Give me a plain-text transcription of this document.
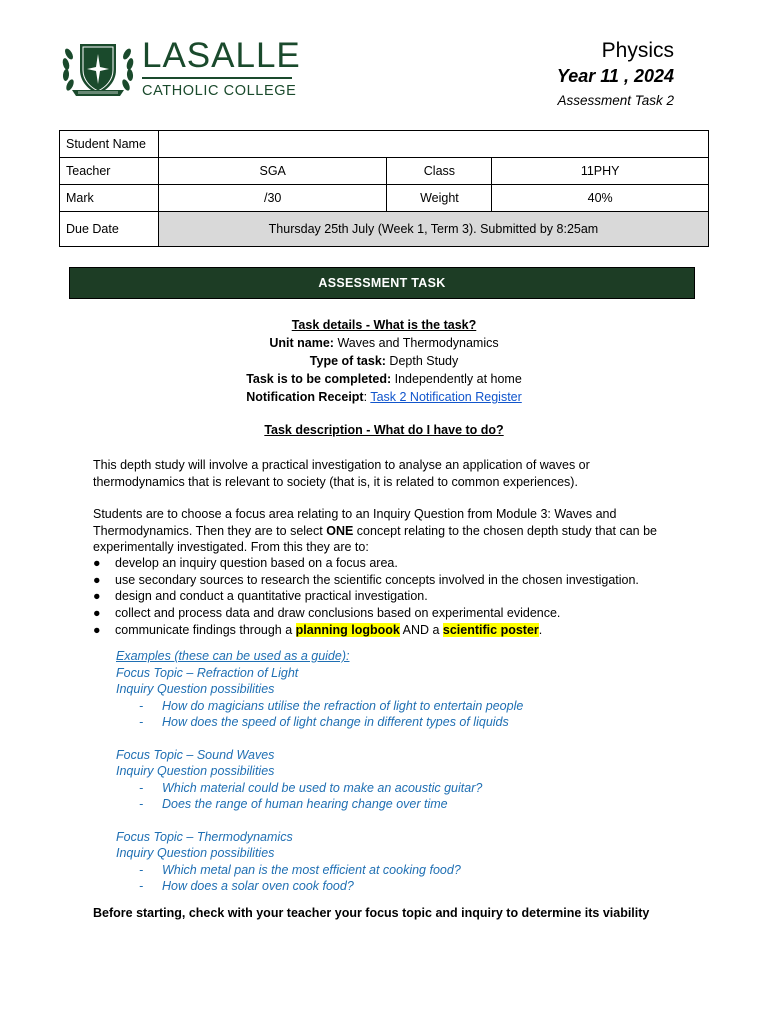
LASALLE
CATHOLIC COLLEGE
Physics
Year 11 , 2024
Assessment Task 2
Student Name			
Teacher	SGA	Class	11PHY
Mark	/30	Weight	40%
Due Date	Thursday 25th July (Week 1, Term 3). Submitted by 8:25am		
ASSESSMENT TASK
Task details - What is the task?
Unit name: Waves and Thermodynamics
Type of task: Depth Study
Task is to be completed: Independently at home
Notification Receipt: Task 2 Notification Register
Task description - What do I have to do?
This depth study will involve a practical investigation to analyse an application of waves or thermodynamics that is relevant to society (that is, it is related to common experiences).
Students are to choose a focus area relating to an Inquiry Question from Module 3: Waves and Thermodynamics. Then they are to select ONE concept relating to the chosen depth study that can be experimentally investigated. From this they are to:
● develop an inquiry question based on a focus area.
● use secondary sources to research the scientific concepts involved in the chosen investigation.
● design and conduct a quantitative practical investigation.
● collect and process data and draw conclusions based on experimental evidence.
● communicate findings through a planning logbook AND a scientific poster.
Examples (these can be used as a guide):
Focus Topic – Refraction of Light
Inquiry Question possibilities
- How do magicians utilise the refraction of light to entertain people
- How does the speed of light change in different types of liquids
Focus Topic – Sound Waves
Inquiry Question possibilities
- Which material could be used to make an acoustic guitar?
- Does the range of human hearing change over time
Focus Topic – Thermodynamics
Inquiry Question possibilities
- Which metal pan is the most efficient at cooking food?
- How does a solar oven cook food?
Before starting, check with your teacher your focus topic and inquiry to determine its viability
